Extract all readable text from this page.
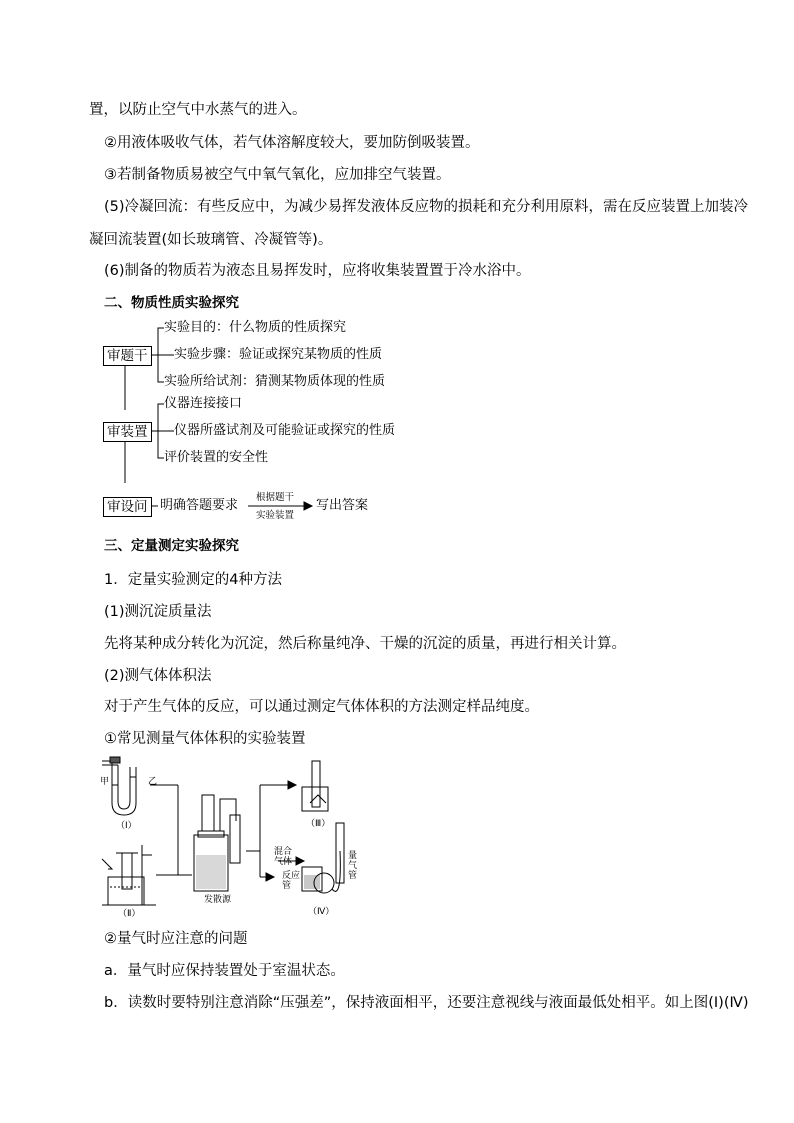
置，以防止空气中水蒸气的进入。
②用液体吸收气体，若气体溶解度较大，要加防倒吸装置。
③若制备物质易被空气中氧气氧化，应加排空气装置。
(5)冷凝回流：有些反应中，为减少易挥发液体反应物的损耗和充分利用原料，需在反应装置上加装冷
凝回流装置(如长玻璃管、冷凝管等)。
(6)制备的物质若为液态且易挥发时，应将收集装置置于冷水浴中。
二、物质性质实验探究
审题干
实验目的：什么物质的性质探究
实验步骤：验证或探究某物质的性质
实验所给试剂：猜测某物质体现的性质
审装置
仪器连接接口
仪器所盛试剂及可能验证或探究的性质
评价装置的安全性
审设问 明确答题要求
根据题干
实验装置
写出答案
三、定量测定实验探究
1．定量实验测定的4种方法
(1)测沉淀质量法
先将某种成分转化为沉淀，然后称量纯净、干燥的沉淀的质量，再进行相关计算。
(2)测气体体积法
对于产生气体的反应，可以通过测定气体体积的方法测定样品纯度。
①常见测量气体体积的实验装置
甲	乙
（Ⅰ）
（Ⅱ）
（Ⅲ）
（Ⅳ）
发散源
混合气体
反应管
量气管
②量气时应注意的问题
a．量气时应保持装置处于室温状态。
b．读数时要特别注意消除“压强差”，保持液面相平，还要注意视线与液面最低处相平。如上图(Ⅰ)(Ⅳ)
